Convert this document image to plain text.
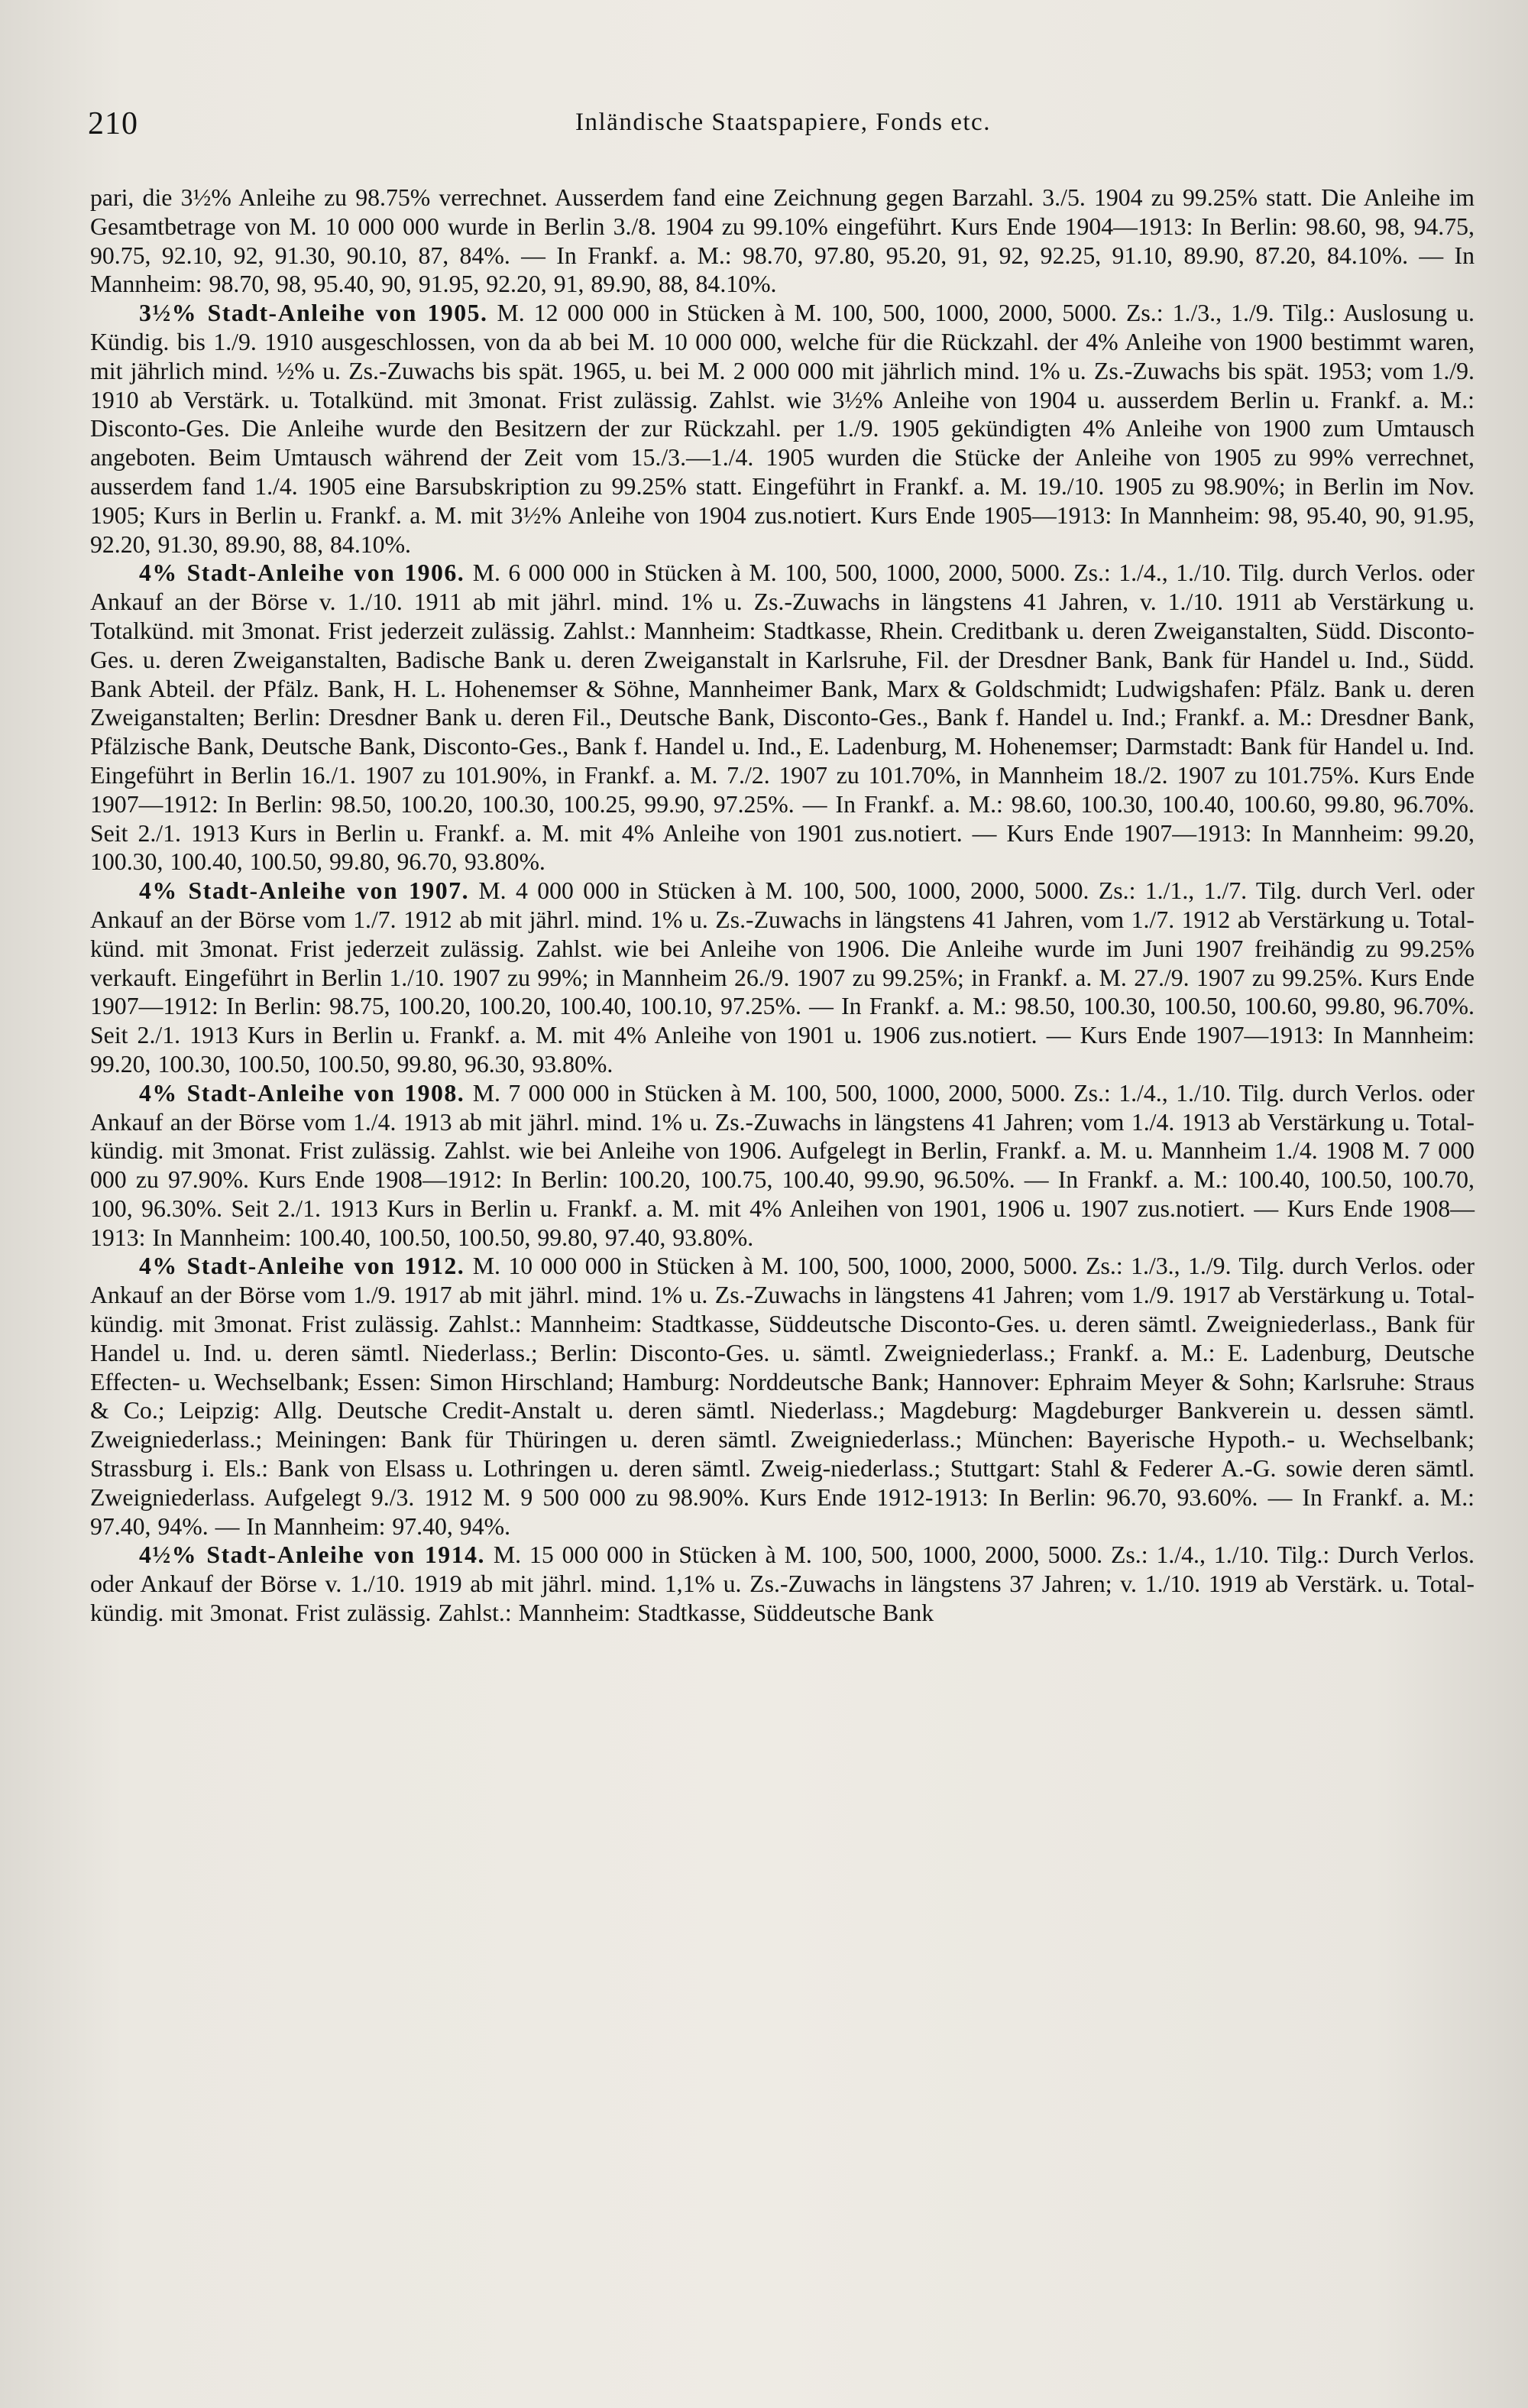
210	Inländische Staatspapiere, Fonds etc.

pari, die 3½% Anleihe zu 98.75% verrechnet. Ausserdem fand eine Zeichnung gegen Barzahl. 3./5. 1904 zu 99.25% statt. Die Anleihe im Gesamtbetrage von M. 10 000 000 wurde in Berlin 3./8. 1904 zu 99.10% eingeführt. Kurs Ende 1904—1913: In Berlin: 98.60, 98, 94.75, 90.75, 92.10, 92, 91.30, 90.10, 87, 84%. — In Frankf. a. M.: 98.70, 97.80, 95.20, 91, 92, 92.25, 91.10, 89.90, 87.20, 84.10%. — In Mannheim: 98.70, 98, 95.40, 90, 91.95, 92.20, 91, 89.90, 88, 84.10%.

3½% Stadt-Anleihe von 1905. M. 12 000 000 in Stücken à M. 100, 500, 1000, 2000, 5000. Zs.: 1./3., 1./9. Tilg.: Auslosung u. Kündig. bis 1./9. 1910 ausgeschlossen, von da ab bei M. 10 000 000, welche für die Rückzahl. der 4% Anleihe von 1900 bestimmt waren, mit jährlich mind. ½% u. Zs.-Zuwachs bis spät. 1965, u. bei M. 2 000 000 mit jährlich mind. 1% u. Zs.-Zuwachs bis spät. 1953; vom 1./9. 1910 ab Verstärk. u. Totalkünd. mit 3monat. Frist zulässig. Zahlst. wie 3½% Anleihe von 1904 u. ausserdem Berlin u. Frankf. a. M.: Disconto-Ges. Die Anleihe wurde den Besitzern der zur Rückzahl. per 1./9. 1905 gekündigten 4% Anleihe von 1900 zum Umtausch angeboten. Beim Umtausch während der Zeit vom 15./3.—1./4. 1905 wurden die Stücke der Anleihe von 1905 zu 99% verrechnet, ausserdem fand 1./4. 1905 eine Barsubskription zu 99.25% statt. Eingeführt in Frankf. a. M. 19./10. 1905 zu 98.90%; in Berlin im Nov. 1905; Kurs in Berlin u. Frankf. a. M. mit 3½% Anleihe von 1904 zus.notiert. Kurs Ende 1905—1913: In Mannheim: 98, 95.40, 90, 91.95, 92.20, 91.30, 89.90, 88, 84.10%.

4% Stadt-Anleihe von 1906. M. 6 000 000 in Stücken à M. 100, 500, 1000, 2000, 5000. Zs.: 1./4., 1./10. Tilg. durch Verlos. oder Ankauf an der Börse v. 1./10. 1911 ab mit jährl. mind. 1% u. Zs.-Zuwachs in längstens 41 Jahren, v. 1./10. 1911 ab Verstärkung u. Totalkünd. mit 3monat. Frist jederzeit zulässig. Zahlst.: Mannheim: Stadtkasse, Rhein. Creditbank u. deren Zweiganstalten, Südd. Disconto-Ges. u. deren Zweiganstalten, Badische Bank u. deren Zweiganstalt in Karlsruhe, Fil. der Dresdner Bank, Bank für Handel u. Ind., Südd. Bank Abteil. der Pfälz. Bank, H. L. Hohenemser & Söhne, Mannheimer Bank, Marx & Goldschmidt; Ludwigshafen: Pfälz. Bank u. deren Zweiganstalten; Berlin: Dresdner Bank u. deren Fil., Deutsche Bank, Disconto-Ges., Bank f. Handel u. Ind.; Frankf. a. M.: Dresdner Bank, Pfälzische Bank, Deutsche Bank, Disconto-Ges., Bank f. Handel u. Ind., E. Ladenburg, M. Hohenemser; Darmstadt: Bank für Handel u. Ind. Eingeführt in Berlin 16./1. 1907 zu 101.90%, in Frankf. a. M. 7./2. 1907 zu 101.70%, in Mannheim 18./2. 1907 zu 101.75%. Kurs Ende 1907—1912: In Berlin: 98.50, 100.20, 100.30, 100.25, 99.90, 97.25%. — In Frankf. a. M.: 98.60, 100.30, 100.40, 100.60, 99.80, 96.70%. Seit 2./1. 1913 Kurs in Berlin u. Frankf. a. M. mit 4% Anleihe von 1901 zus.notiert. — Kurs Ende 1907—1913: In Mannheim: 99.20, 100.30, 100.40, 100.50, 99.80, 96.70, 93.80%.

4% Stadt-Anleihe von 1907. M. 4 000 000 in Stücken à M. 100, 500, 1000, 2000, 5000. Zs.: 1./1., 1./7. Tilg. durch Verl. oder Ankauf an der Börse vom 1./7. 1912 ab mit jährl. mind. 1% u. Zs.-Zuwachs in längstens 41 Jahren, vom 1./7. 1912 ab Verstärkung u. Total-künd. mit 3monat. Frist jederzeit zulässig. Zahlst. wie bei Anleihe von 1906. Die Anleihe wurde im Juni 1907 freihändig zu 99.25% verkauft. Eingeführt in Berlin 1./10. 1907 zu 99%; in Mannheim 26./9. 1907 zu 99.25%; in Frankf. a. M. 27./9. 1907 zu 99.25%. Kurs Ende 1907—1912: In Berlin: 98.75, 100.20, 100.20, 100.40, 100.10, 97.25%. — In Frankf. a. M.: 98.50, 100.30, 100.50, 100.60, 99.80, 96.70%. Seit 2./1. 1913 Kurs in Berlin u. Frankf. a. M. mit 4% Anleihe von 1901 u. 1906 zus.notiert. — Kurs Ende 1907—1913: In Mannheim: 99.20, 100.30, 100.50, 100.50, 99.80, 96.30, 93.80%.

4% Stadt-Anleihe von 1908. M. 7 000 000 in Stücken à M. 100, 500, 1000, 2000, 5000. Zs.: 1./4., 1./10. Tilg. durch Verlos. oder Ankauf an der Börse vom 1./4. 1913 ab mit jährl. mind. 1% u. Zs.-Zuwachs in längstens 41 Jahren; vom 1./4. 1913 ab Verstärkung u. Total-kündig. mit 3monat. Frist zulässig. Zahlst. wie bei Anleihe von 1906. Aufgelegt in Berlin, Frankf. a. M. u. Mannheim 1./4. 1908 M. 7 000 000 zu 97.90%. Kurs Ende 1908—1912: In Berlin: 100.20, 100.75, 100.40, 99.90, 96.50%. — In Frankf. a. M.: 100.40, 100.50, 100.70, 100, 96.30%. Seit 2./1. 1913 Kurs in Berlin u. Frankf. a. M. mit 4% Anleihen von 1901, 1906 u. 1907 zus.notiert. — Kurs Ende 1908—1913: In Mannheim: 100.40, 100.50, 100.50, 99.80, 97.40, 93.80%.

4% Stadt-Anleihe von 1912. M. 10 000 000 in Stücken à M. 100, 500, 1000, 2000, 5000. Zs.: 1./3., 1./9. Tilg. durch Verlos. oder Ankauf an der Börse vom 1./9. 1917 ab mit jährl. mind. 1% u. Zs.-Zuwachs in längstens 41 Jahren; vom 1./9. 1917 ab Verstärkung u. Total-kündig. mit 3monat. Frist zulässig. Zahlst.: Mannheim: Stadtkasse, Süddeutsche Disconto-Ges. u. deren sämtl. Zweigniederlass., Bank für Handel u. Ind. u. deren sämtl. Niederlass.; Berlin: Disconto-Ges. u. sämtl. Zweigniederlass.; Frankf. a. M.: E. Ladenburg, Deutsche Effecten- u. Wechselbank; Essen: Simon Hirschland; Hamburg: Norddeutsche Bank; Hannover: Ephraim Meyer & Sohn; Karlsruhe: Straus & Co.; Leipzig: Allg. Deutsche Credit-Anstalt u. deren sämtl. Niederlass.; Magdeburg: Magdeburger Bankverein u. dessen sämtl. Zweigniederlass.; Meiningen: Bank für Thüringen u. deren sämtl. Zweigniederlass.; München: Bayerische Hypoth.- u. Wechselbank; Strassburg i. Els.: Bank von Elsass u. Lothringen u. deren sämtl. Zweig-niederlass.; Stuttgart: Stahl & Federer A.-G. sowie deren sämtl. Zweigniederlass. Aufgelegt 9./3. 1912 M. 9 500 000 zu 98.90%. Kurs Ende 1912-1913: In Berlin: 96.70, 93.60%. — In Frankf. a. M.: 97.40, 94%. — In Mannheim: 97.40, 94%.

4½% Stadt-Anleihe von 1914. M. 15 000 000 in Stücken à M. 100, 500, 1000, 2000, 5000. Zs.: 1./4., 1./10. Tilg.: Durch Verlos. oder Ankauf der Börse v. 1./10. 1919 ab mit jährl. mind. 1,1% u. Zs.-Zuwachs in längstens 37 Jahren; v. 1./10. 1919 ab Verstärk. u. Total-kündig. mit 3monat. Frist zulässig. Zahlst.: Mannheim: Stadtkasse, Süddeutsche Bank
